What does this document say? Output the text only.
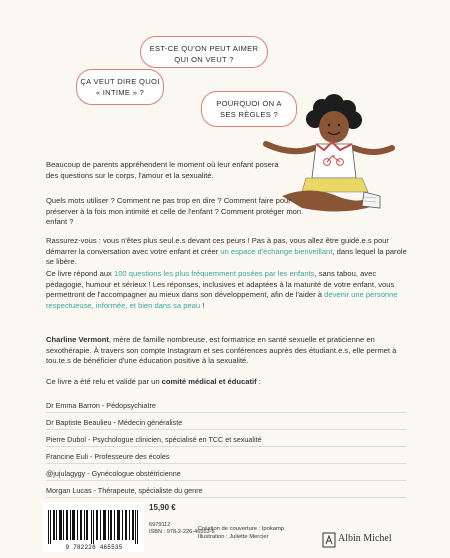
EST-CE QU'ON PEUT AIMER
QUI ON VEUT ?
ÇA VEUT DIRE QUOI
« INTIME » ?
POURQUOI ON A
SES RÈGLES ?
Beaucoup de parents appréhendent le moment où leur enfant posera des questions sur le corps, l'amour et la sexualité.
Quels mots utiliser ? Comment ne pas trop en dire ? Comment faire pour préserver à la fois mon intimité et celle de l'enfant ? Comment protéger mon enfant ?
Rassurez-vous : vous n'êtes plus seul.e.s devant ces peurs ! Pas à pas, vous allez être guidé.e.s pour démarrer la conversation avec votre enfant et créer un espace d'échange bienveillant, dans lequel la parole se libère.
Ce livre répond aux 100 questions les plus fréquemment posées par les enfants, sans tabou, avec pédagogie, humour et sérieux ! Les réponses, inclusives et adaptées à la maturité de votre enfant, vous permettront de l'accompagner au mieux dans son développement, afin de l'aider à devenir une personne respectueuse, informée, et bien dans sa peau !
Charline Vermont, mère de famille nombreuse, est formatrice en santé sexuelle et praticienne en sexothérapie. À travers son compte Instagram et ses conférences auprès des étudiant.e.s, elle permet à tou.te.s de bénéficier d'une éducation positive à la sexualité.
Ce livre a été relu et validé par un comité médical et éducatif :
Dr Emma Barron - Pédopsychiatre
Dr Baptiste Beaulieu - Médecin généraliste
Pierre Dubol - Psychologue clinicien, spécialisé en TCC et sexualité
Francine Euli - Professeure des écoles
@jujulagygy - Gynécologue obstétricienne
Morgan Lucas - Thérapeute, spécialiste du genre
9 782226 465535
15,90 €
6979112
ISBN : 978-2-226-46553-5
Création de couverture : Ipokamp
Illustration : Juliette Mercier	Albin Michel
